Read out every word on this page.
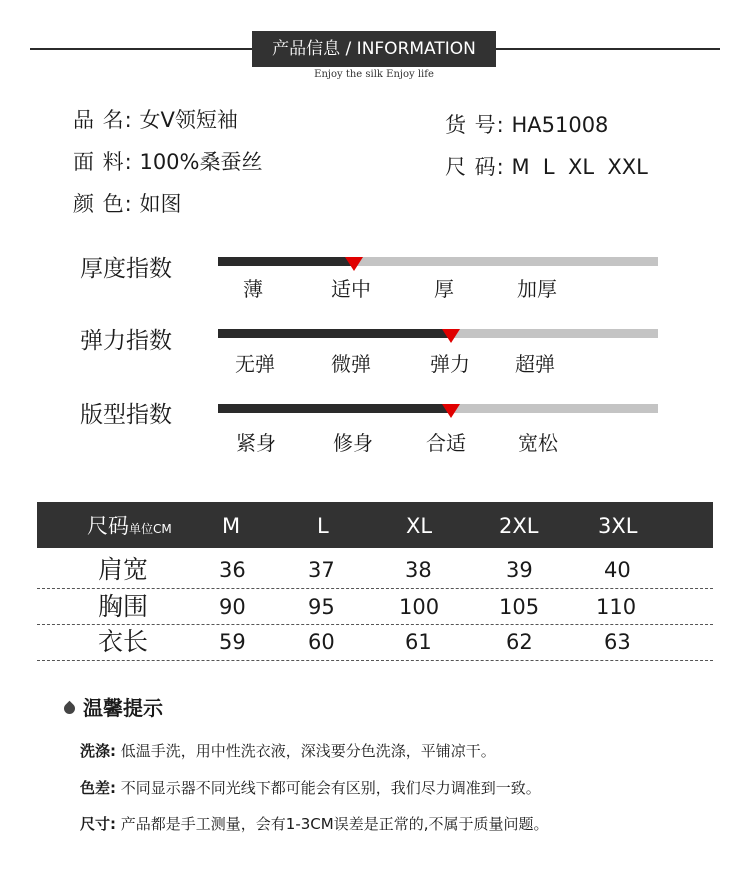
产品信息 / INFORMATION
Enjoy the silk Enjoy life
品 名: 女V领短袖
面 料: 100%桑蚕丝
颜 色: 如图
货 号: HA51008
尺 码: M  L  XL  XXL
厚度指数
薄	适中	厚	加厚
弹力指数
无弹	微弹	弹力 超弹
版型指数
紧身	修身	合适	宽松
尺码单位CM M	L	XL	2XL	3XL
肩宽	36	37	38	39	40
胸围	90	95	100	105	110
衣长	59	60	61	62	63
温馨提示
洗涤: 低温手洗，用中性洗衣液，深浅要分色洗涤，平铺凉干。
色差: 不同显示器不同光线下都可能会有区别，我们尽力调准到一致。
尺寸: 产品都是手工测量，会有1-3CM误差是正常的,不属于质量问题。
